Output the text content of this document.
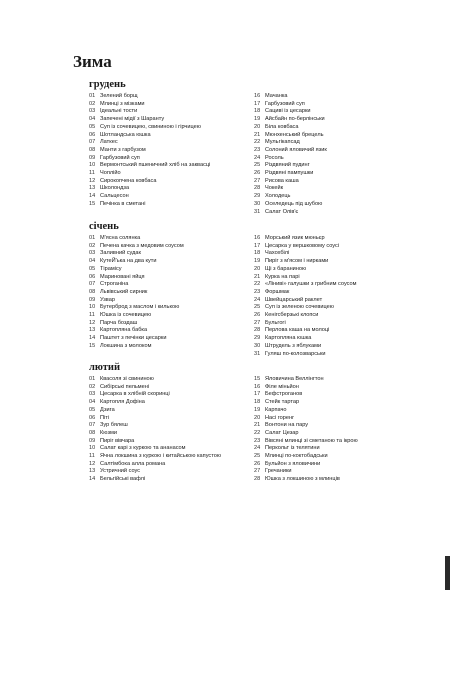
Зима
грудень
01 Зелений борщ
02 Млинці з мізками
03 Ідеальні тости
04 Запечені мідії з Шаранту
05 Суп із сочевицею, свининою і гірчицею
06 Шотландська юшка
07 Латкес
08 Манти з гарбузом
09 Гарбузовий суп
10 Вермонтський пшеничний хліб на заквасці
11 Чоплійо
12 Сирокопчена ковбаса
13 Школондза
14 Сальцесон
15 Печінка в сметані
16 Мачанка
17 Гарбузовий суп
18 Сациві із цесарки
19 Айсбайн по-берлінськи
20 Біла ковбаса
21 Мюнхенський брецель
22 Мульгікапсад
23 Солоний яловичий язик
24 Росоль
25 Різдвяний пудинг
26 Різдвяні пампушки
27 Рисова каша
28 Чокейк
29 Холодець
30 Оселедець під шубою
31 Салат Олів'є
січень
01 М'ясна солянка
02 Печена качка з медовим соусом
03 Заливний судак
04 КутеЙ'ька на два кути
05 Тірамісу
06 Мариновані яйця
07 Строганіна
08 Львівський сирник
09 Узвар
10 Бутерброд з маслом і килькою
11 Юшка із сочевицею
12 Парча боздаш
13 Картопляна бабка
14 Паштет з печінки цесарки
15 Локшина з молоком
16 Морський язик мюньєр
17 Цесарка у вершковому соусі
18 Чахохбілі
19 Пиріг з м'ясом і нирками
20 Щі з бараниною
21 Курка на парі
22 «Ліниві» галушки з грибним соусом
23 Форшмак
24 Швейцарський раклет
25 Суп із зеленою сочевицею
26 Кенігсберзькі клопси
27 Бульгогі
28 Перлова каша на молоці
29 Картопляна юшка
30 Штрудель з яблуками
31 Гуляш по-колозварськи
лютий
01 Квасоля зі свининою
02 Сибірські пельмені
03 Цесарка в хлібній скоринці
04 Картопля Дофіна
05 Дзига
06 Піті
07 Зур бялеш
08 Кюзми
09 Пиріг вівчара
10 Салат карі з куркою та ананасом
11 Ячна локшина з куркою і китайською капустою
12 Салтімбока алла романа
13 Устричний соус
14 Бельгійські вафлі
15 Яловичина Веллінгтон
16 Філе міньйон
17 Бефстроганов
18 Стейк тартар
19 Карпачо
20 Насі горенг
21 Вонтони на пару
22 Салат Цезар
23 Вівсяні млинці зі сметаною та ікрою
24 Перкольт із телятини
25 Млинці по-коктобадськи
26 Бульйон з яловичини
27 Гречаники
28 Юшка з локшиною з млинців
